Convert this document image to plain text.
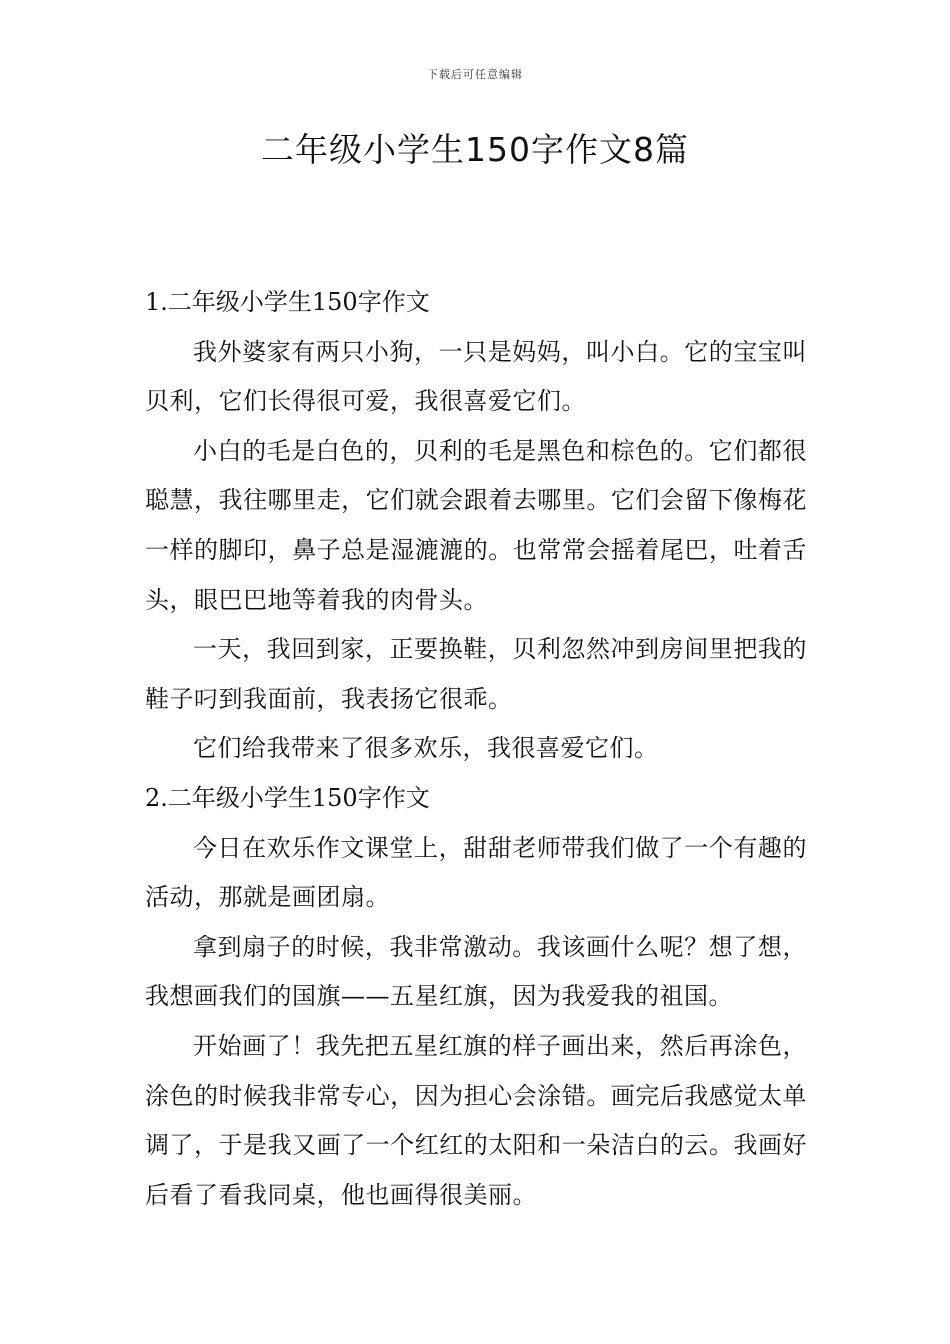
下载后可任意编辑
二年级小学生150字作文8篇

1.二年级小学生150字作文

我外婆家有两只小狗，一只是妈妈，叫小白。它的宝宝叫贝利，它们长得很可爱，我很喜爱它们。

小白的毛是白色的，贝利的毛是黑色和棕色的。它们都很聪慧，我往哪里走，它们就会跟着去哪里。它们会留下像梅花一样的脚印，鼻子总是湿漉漉的。也常常会摇着尾巴，吐着舌头，眼巴巴地等着我的肉骨头。

一天，我回到家，正要换鞋，贝利忽然冲到房间里把我的鞋子叼到我面前，我表扬它很乖。

它们给我带来了很多欢乐，我很喜爱它们。

2.二年级小学生150字作文

今日在欢乐作文课堂上，甜甜老师带我们做了一个有趣的活动，那就是画团扇。

拿到扇子的时候，我非常激动。我该画什么呢？想了想，我想画我们的国旗——五星红旗，因为我爱我的祖国。

开始画了！我先把五星红旗的样子画出来，然后再涂色，涂色的时候我非常专心，因为担心会涂错。画完后我感觉太单调了，于是我又画了一个红红的太阳和一朵洁白的云。我画好后看了看我同桌，他也画得很美丽。
